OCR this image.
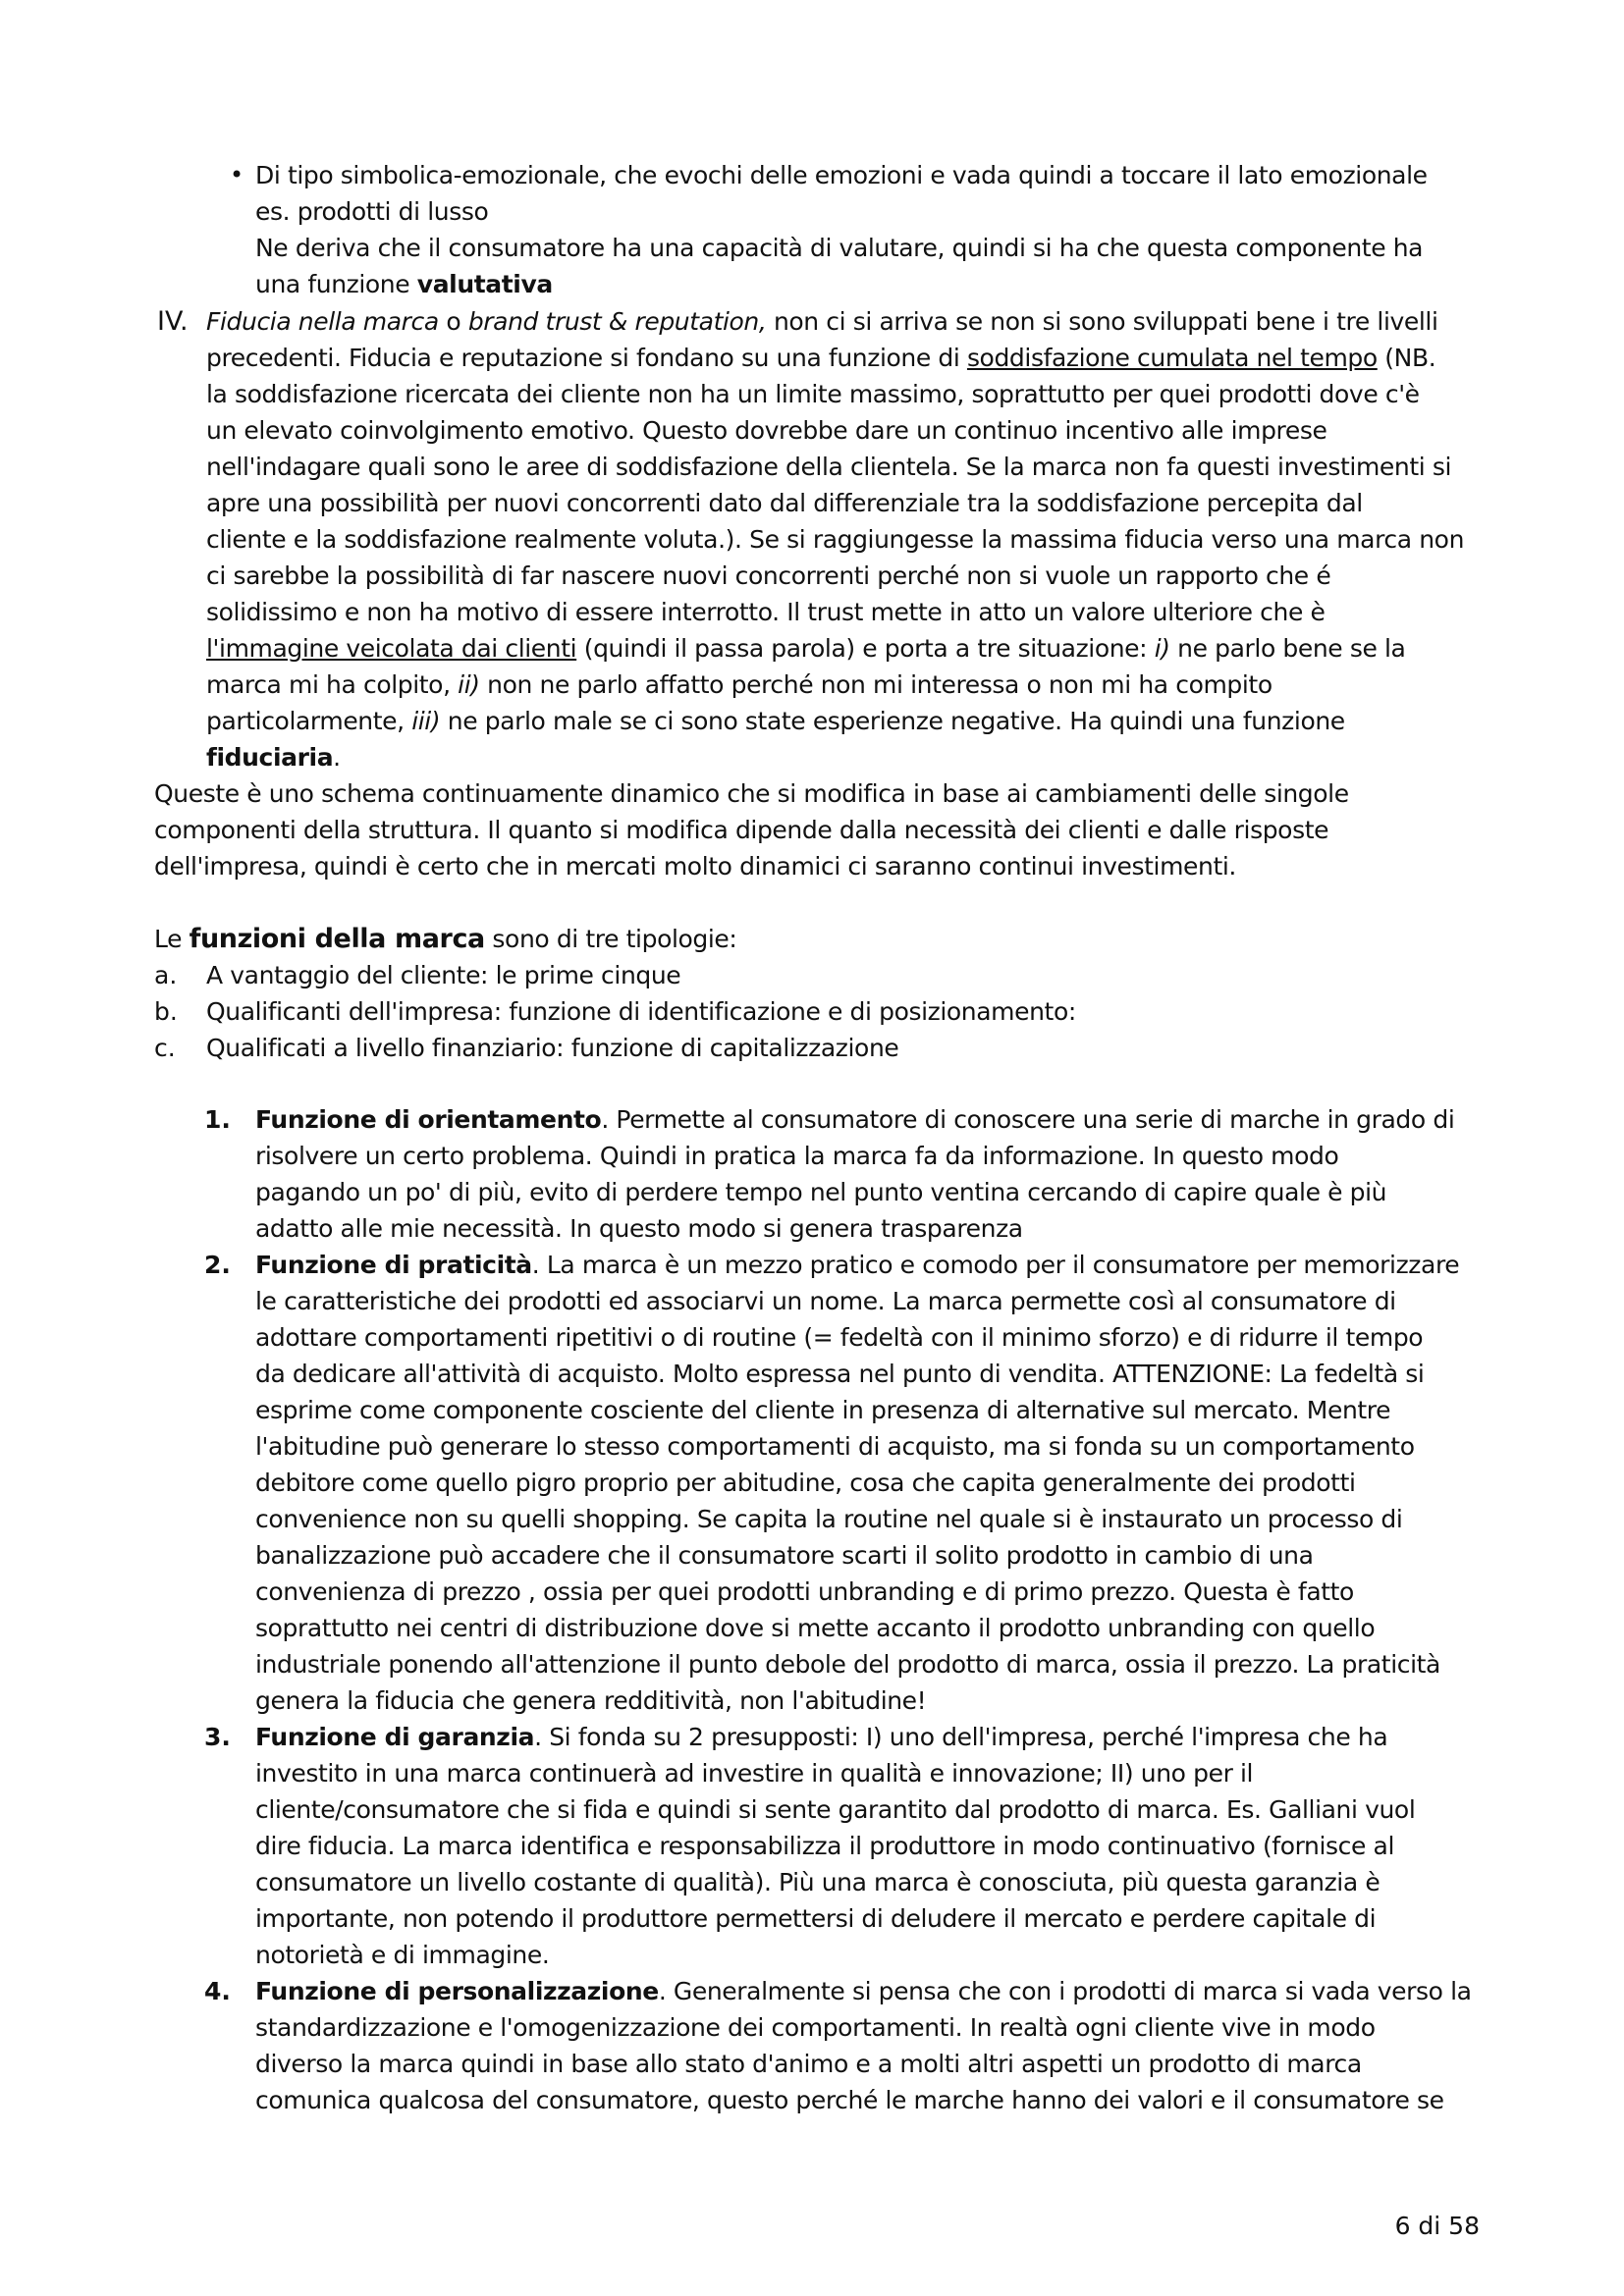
• Di tipo simbolica-emozionale, che evochi delle emozioni e vada quindi a toccare il lato emozionale
es. prodotti di lusso
Ne deriva che il consumatore ha una capacità di valutare, quindi si ha che questa componente ha
una funzione valutativa
IV. Fiducia nella marca o brand trust & reputation, non ci si arriva se non si sono sviluppati bene i tre livelli
precedenti. Fiducia e reputazione si fondano su una funzione di soddisfazione cumulata nel tempo (NB.
la soddisfazione ricercata dei cliente non ha un limite massimo, soprattutto per quei prodotti dove c'è
un elevato coinvolgimento emotivo. Questo dovrebbe dare un continuo incentivo alle imprese
nell'indagare quali sono le aree di soddisfazione della clientela. Se la marca non fa questi investimenti si
apre una possibilità per nuovi concorrenti dato dal differenziale tra la soddisfazione percepita dal
cliente e la soddisfazione realmente voluta.). Se si raggiungesse la massima fiducia verso una marca non
ci sarebbe la possibilità di far nascere nuovi concorrenti perché non si vuole un rapporto che é
solidissimo e non ha motivo di essere interrotto. Il trust mette in atto un valore ulteriore che è
l'immagine veicolata dai clienti (quindi il passa parola) e porta a tre situazione: i) ne parlo bene se la
marca mi ha colpito, ii) non ne parlo affatto perché non mi interessa o non mi ha compito
particolarmente, iii) ne parlo male se ci sono state esperienze negative. Ha quindi una funzione
fiduciaria.
Queste è uno schema continuamente dinamico che si modifica in base ai cambiamenti delle singole
componenti della struttura. Il quanto si modifica dipende dalla necessità dei clienti e dalle risposte
dell'impresa, quindi è certo che in mercati molto dinamici ci saranno continui investimenti.
Le funzioni della marca sono di tre tipologie:
a. A vantaggio del cliente: le prime cinque
b. Qualificanti dell'impresa: funzione di identificazione e di posizionamento:
c. Qualificati a livello finanziario: funzione di capitalizzazione
1. Funzione di orientamento. Permette al consumatore di conoscere una serie di marche in grado di
risolvere un certo problema. Quindi in pratica la marca fa da informazione. In questo modo
pagando un po' di più, evito di perdere tempo nel punto ventina cercando di capire quale è più
adatto alle mie necessità. In questo modo si genera trasparenza
2. Funzione di praticità. La marca è un mezzo pratico e comodo per il consumatore per memorizzare
le caratteristiche dei prodotti ed associarvi un nome. La marca permette così al consumatore di
adottare comportamenti ripetitivi o di routine (= fedeltà con il minimo sforzo) e di ridurre il tempo
da dedicare all'attività di acquisto. Molto espressa nel punto di vendita. ATTENZIONE: La fedeltà si
esprime come componente cosciente del cliente in presenza di alternative sul mercato. Mentre
l'abitudine può generare lo stesso comportamenti di acquisto, ma si fonda su un comportamento
debitore come quello pigro proprio per abitudine, cosa che capita generalmente dei prodotti
convenience non su quelli shopping. Se capita la routine nel quale si è instaurato un processo di
banalizzazione può accadere che il consumatore scarti il solito prodotto in cambio di una
convenienza di prezzo , ossia per quei prodotti unbranding e di primo prezzo. Questa è fatto
soprattutto nei centri di distribuzione dove si mette accanto il prodotto unbranding con quello
industriale ponendo all'attenzione il punto debole del prodotto di marca, ossia il prezzo. La praticità
genera la fiducia che genera redditività, non l'abitudine!
3. Funzione di garanzia. Si fonda su 2 presupposti: I) uno dell'impresa, perché l'impresa che ha
investito in una marca continuerà ad investire in qualità e innovazione; II) uno per il
cliente/consumatore che si fida e quindi si sente garantito dal prodotto di marca. Es. Galliani vuol
dire fiducia. La marca identifica e responsabilizza il produttore in modo continuativo (fornisce al
consumatore un livello costante di qualità). Più una marca è conosciuta, più questa garanzia è
importante, non potendo il produttore permettersi di deludere il mercato e perdere capitale di
notorietà e di immagine.
4. Funzione di personalizzazione. Generalmente si pensa che con i prodotti di marca si vada verso la
standardizzazione e l'omogenizzazione dei comportamenti. In realtà ogni cliente vive in modo
diverso la marca quindi in base allo stato d'animo e a molti altri aspetti un prodotto di marca
comunica qualcosa del consumatore, questo perché le marche hanno dei valori e il consumatore se
6 di 58
